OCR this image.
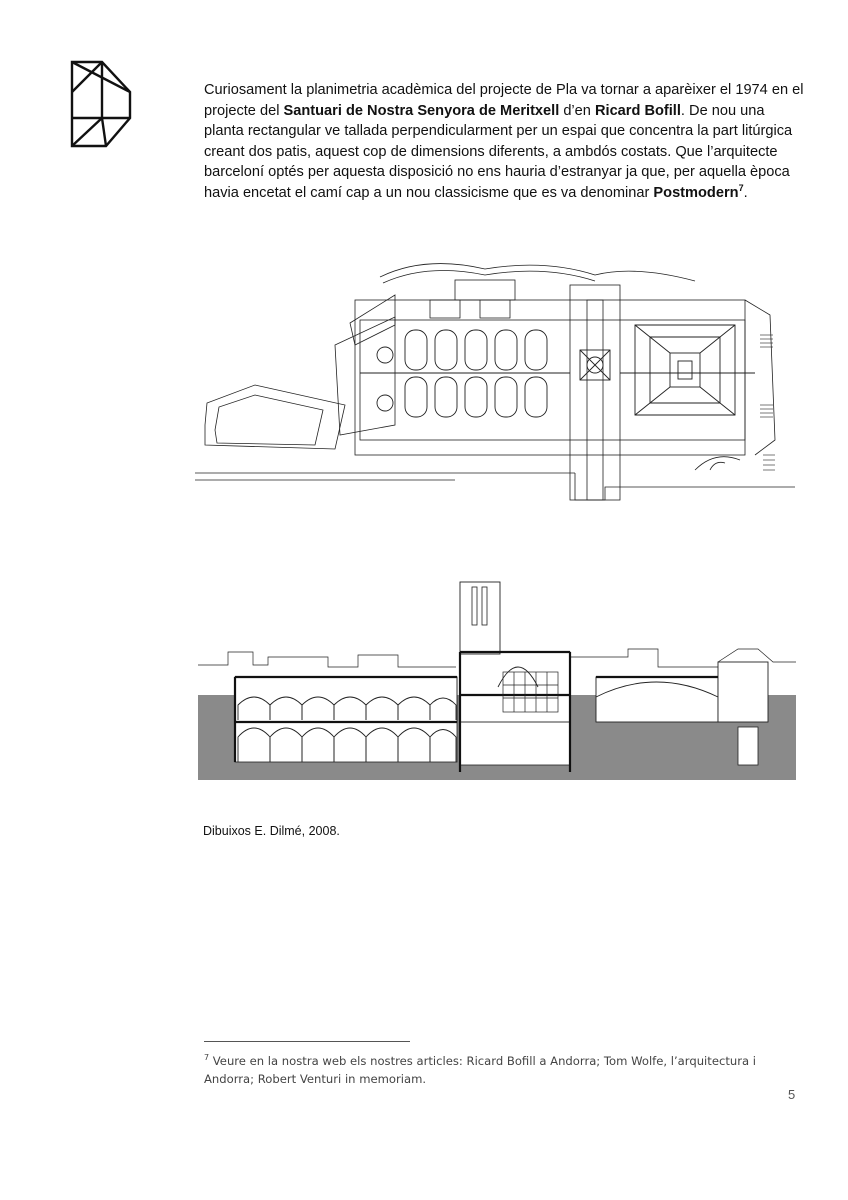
Curiosament la planimetria acadèmica del projecte de Pla va tornar a aparèixer el 1974 en el projecte del Santuari de Nostra Senyora de Meritxell d’en Ricard Bofill. De nou una planta rectangular ve tallada perpendicularment per un espai que concentra la part litúrgica creant dos patis, aquest cop de dimensions diferents, a ambdós costats. Que l’arquitecte barceloní optés per aquesta disposició no ens hauria d’estranyar ja que, per aquella època havia encetat el camí cap a un nou classicisme que es va denominar Postmodern$^7$.

Dibuixos E. Dilmé, 2008.

$^7$ Veure en la nostra web els nostres articles: Ricard Bofill a Andorra; Tom Wolfe, l’arquitectura i Andorra; Robert Venturi in memoriam.

5
